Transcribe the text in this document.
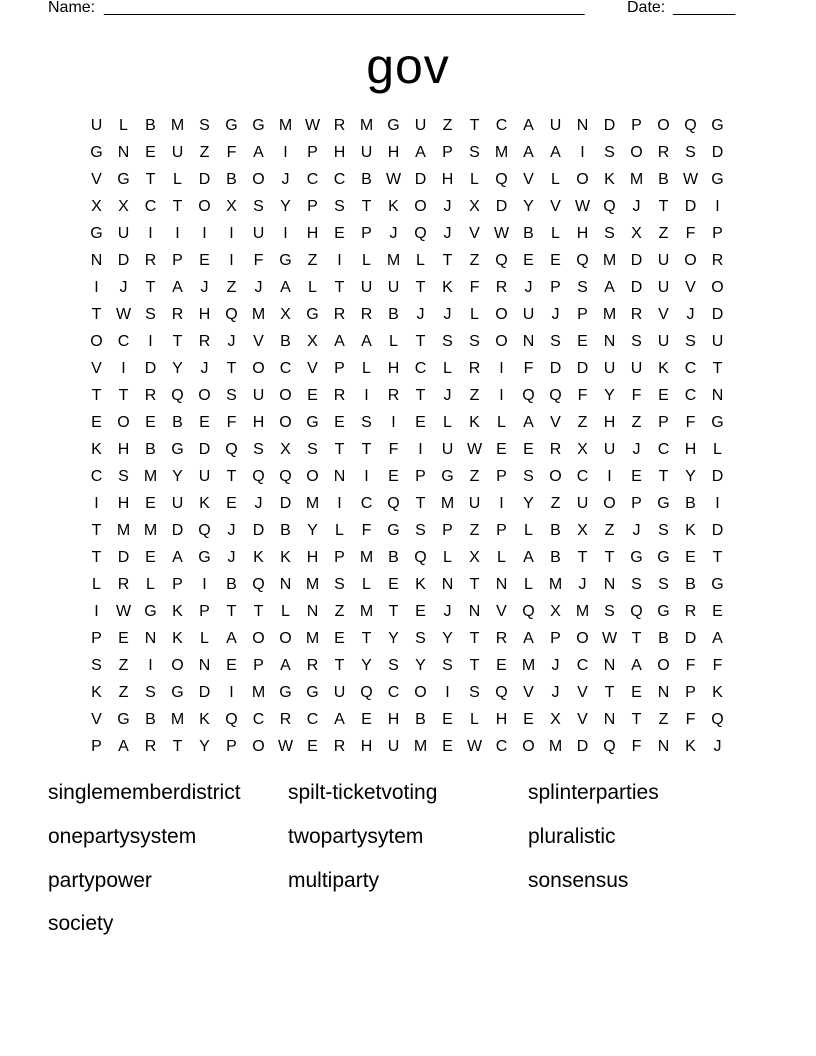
Name: ______________________________________________________	Date: _______
gov
U	L	B M S G G M W R M G U	Z	T	C A U N D P O Q G
G N E U	Z	F	A	I	P H U H A	P	S M A	A	I	S O R S D
V G T	L	D B O	J	C C B W D H	L	Q V	L	O K M B W G
X	X C	T O X	S	Y	P	S	T	K O	J	X D Y	V W Q	J	T	D	I
G U	I	I	I	I	U	I	H E	P	J	Q	J	V W B	L	H S	X	Z	F	P
N D R P	E	I	F G Z	I	L M L	T	Z Q E	E Q M D U O R
I	J	T	A	J	Z	J	A	L	T	U U	T	K	F	R	J	P	S	A D U V O
T W S R H Q M X G R R B	J	J	L	O U	J	P M R V	J	D
O C	I	T	R	J	V	B	X	A	A	L	T	S	S O N S	E N S U S U
V	I	D Y	J	T O C V	P	L	H C	L	R	I	F	D D U U K C	T
T	T	R Q O S U O E R	I	R	T	J	Z	I	Q Q F	Y	F	E C N
E O E	B	E	F	H O G E	S	I	E	L	K	L	A	V	Z	H	Z	P	F G
K H B G D Q S	X	S	T	T	F	I	U W E	E R X U	J	C H	L
C S M Y U	T Q Q O N	I	E	P G Z	P	S O C	I	E	T	Y D
I	H E U K	E	J	D M	I	C Q T M U	I	Y	Z	U O P G B	I
T M M D Q	J	D B	Y	L	F G S	P	Z	P	L	B	X	Z	J	S	K D
T	D E	A G	J	K	K H P M B Q	L	X	L	A	B	T	T G G E	T
L	R	L	P	I	B Q N M S	L	E	K N	T	N	L M	J	N S	S	B G
I	W G K	P	T	T	L	N	Z M T	E	J	N V Q X M S Q G R E
P	E N K	L	A O O M E	T	Y	S	Y	T	R A	P O W T	B D A
S	Z	I	O N E	P	A R	T	Y	S	Y	S	T	E M	J	C N A O F	F
K	Z	S G D	I	M G G U Q C O	I	S Q V	J	V	T	E N P	K
V G B M K Q C R C A	E H B	E	L	H E	X	V N	T	Z	F Q
P	A R	T	Y	P O W E R H U M E W C O M D Q F	N K	J
singlememberdistrict	spilt-ticketvoting	splinterparties
onepartysystem	twopartysytem	pluralistic
partypower	multiparty	sonsensus
society
